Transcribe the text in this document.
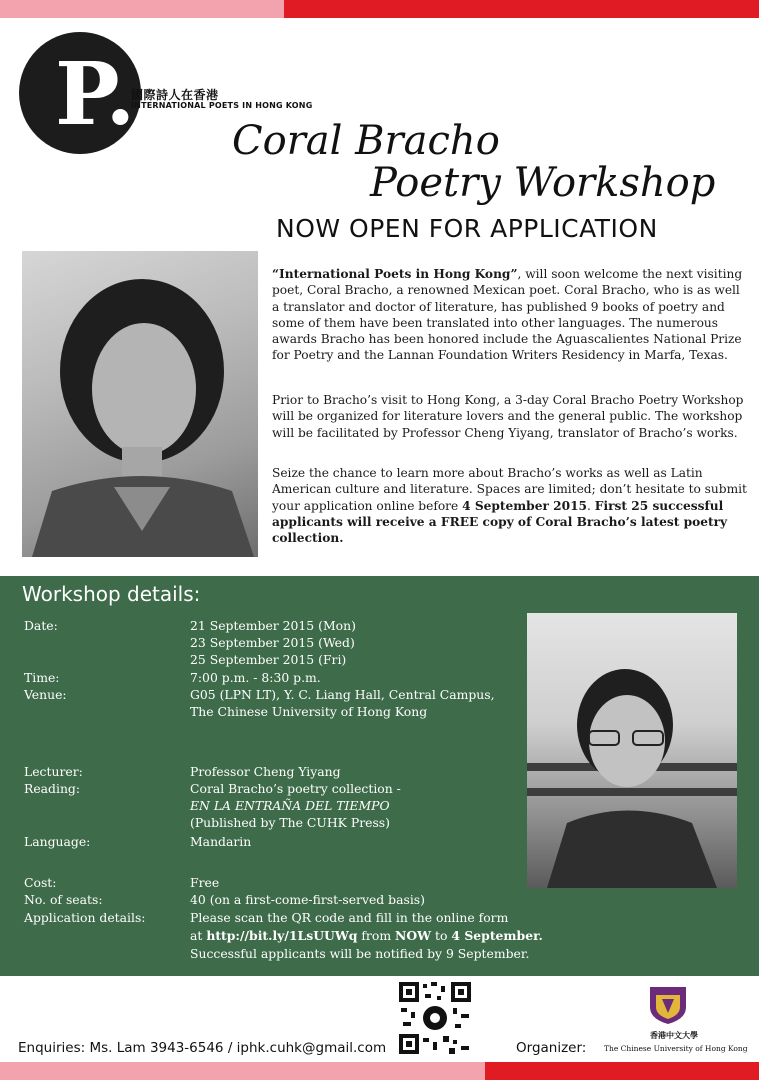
P.
國際詩人在香港
INTERNATIONAL POETS IN HONG KONG
Coral Bracho
Poetry Workshop
NOW OPEN FOR APPLICATION

“International Poets in Hong Kong”, will soon welcome the next visiting poet, Coral Bracho, a renowned Mexican poet. Coral Bracho, who is as well a translator and doctor of literature, has published 9 books of poetry and some of them have been translated into other languages. The numerous awards Bracho has been honored include the Aguascalientes National Prize for Poetry and the Lannan Foundation Writers Residency in Marfa, Texas.

Prior to Bracho’s visit to Hong Kong, a 3-day Coral Bracho Poetry Workshop will be organized for literature lovers and the general public. The workshop will be facilitated by Professor Cheng Yiyang, translator of Bracho’s works.

Seize the chance to learn more about Bracho’s works as well as Latin American culture and literature. Spaces are limited; don’t hesitate to submit your application online before 4 September 2015. First 25 successful applicants will receive a FREE copy of Coral Bracho’s latest poetry collection.

Workshop details:
Date:	21 September 2015 (Mon)
23 September 2015 (Wed)
25 September 2015 (Fri)
Time:	7:00 p.m. - 8:30 p.m.
Venue:	G05 (LPN LT), Y. C. Liang Hall, Central Campus,
The Chinese University of Hong Kong
Lecturer:	Professor Cheng Yiyang
Reading:	Coral Bracho’s poetry collection -
EN LA ENTRAÑA DEL TIEMPO
(Published by The CUHK Press)
Language:	Mandarin
Cost:	Free
No. of seats:	40 (on a first-come-first-served basis)
Application details:	Please scan the QR code and fill in the online form
at http://bit.ly/1LsUUWq from NOW to 4 September.
Successful applicants will be notified by 9 September.
Enquiries: Ms. Lam 3943-6546 / iphk.cuhk@gmail.com	Organizer:
香港中文大學
The Chinese University of Hong Kong
